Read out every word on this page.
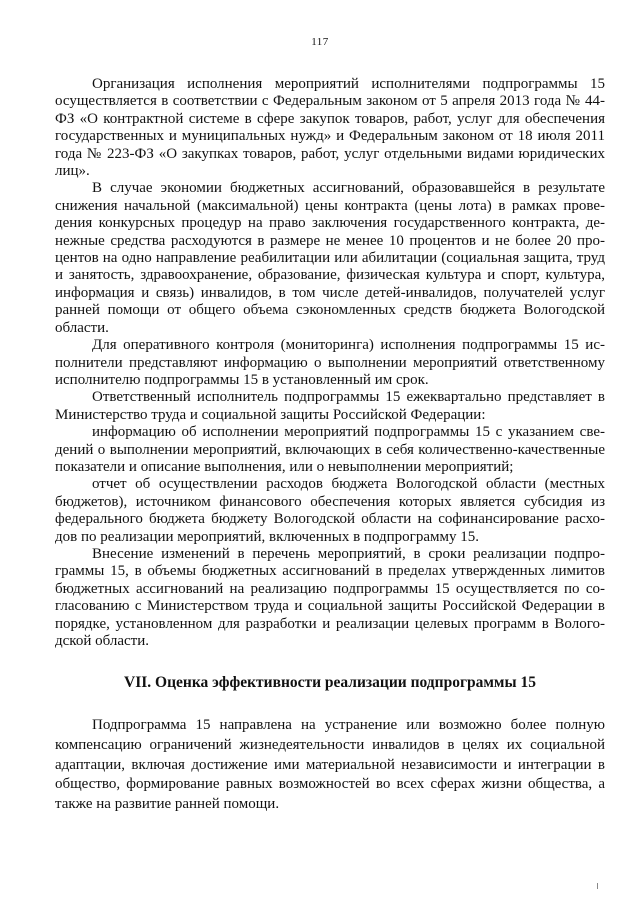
117

Организация исполнения мероприятий исполнителями подпрограммы 15 осуществляется в соответствии с Федеральным законом от 5 апреля 2013 года № 44-ФЗ «О контрактной системе в сфере закупок товаров, работ, услуг для обеспечения государственных и муниципальных нужд» и Федеральным законом от 18 июля 2011 года № 223-ФЗ «О закупках товаров, работ, услуг отдельными видами юридических лиц».

В случае экономии бюджетных ассигнований, образовавшейся в результате снижения начальной (максимальной) цены контракта (цены лота) в рамках проведения конкурсных процедур на право заключения государственного контракта, денежные средства расходуются в размере не менее 10 процентов и не более 20 процентов на одно направление реабилитации или абилитации (социальная защита, труд и занятость, здравоохранение, образование, физическая культура и спорт, культура, информация и связь) инвалидов, в том числе детей-инвалидов, получателей услуг ранней помощи от общего объема сэкономленных средств бюджета Вологодской области.

Для оперативного контроля (мониторинга) исполнения подпрограммы 15 исполнители представляют информацию о выполнении мероприятий ответственному исполнителю подпрограммы 15 в установленный им срок.

Ответственный исполнитель подпрограммы 15 ежеквартально представляет в Министерство труда и социальной защиты Российской Федерации:

информацию об исполнении мероприятий подпрограммы 15 с указанием сведений о выполнении мероприятий, включающих в себя количественно-качественные показатели и описание выполнения, или о невыполнении мероприятий;

отчет об осуществлении расходов бюджета Вологодской области (местных бюджетов), источником финансового обеспечения которых является субсидия из федерального бюджета бюджету Вологодской области на софинансирование расходов по реализации мероприятий, включенных в подпрограмму 15.

Внесение изменений в перечень мероприятий, в сроки реализации подпрограммы 15, в объемы бюджетных ассигнований в пределах утвержденных лимитов бюджетных ассигнований на реализацию подпрограммы 15 осуществляется по согласованию с Министерством труда и социальной защиты Российской Федерации в порядке, установленном для разработки и реализации целевых программ в Вологодской области.

VII. Оценка эффективности реализации подпрограммы 15

Подпрограмма 15 направлена на устранение или возможно более полную компенсацию ограничений жизнедеятельности инвалидов в целях их социальной адаптации, включая достижение ими материальной независимости и интеграции в общество, формирование равных возможностей во всех сферах жизни общества, а также на развитие ранней помощи.
